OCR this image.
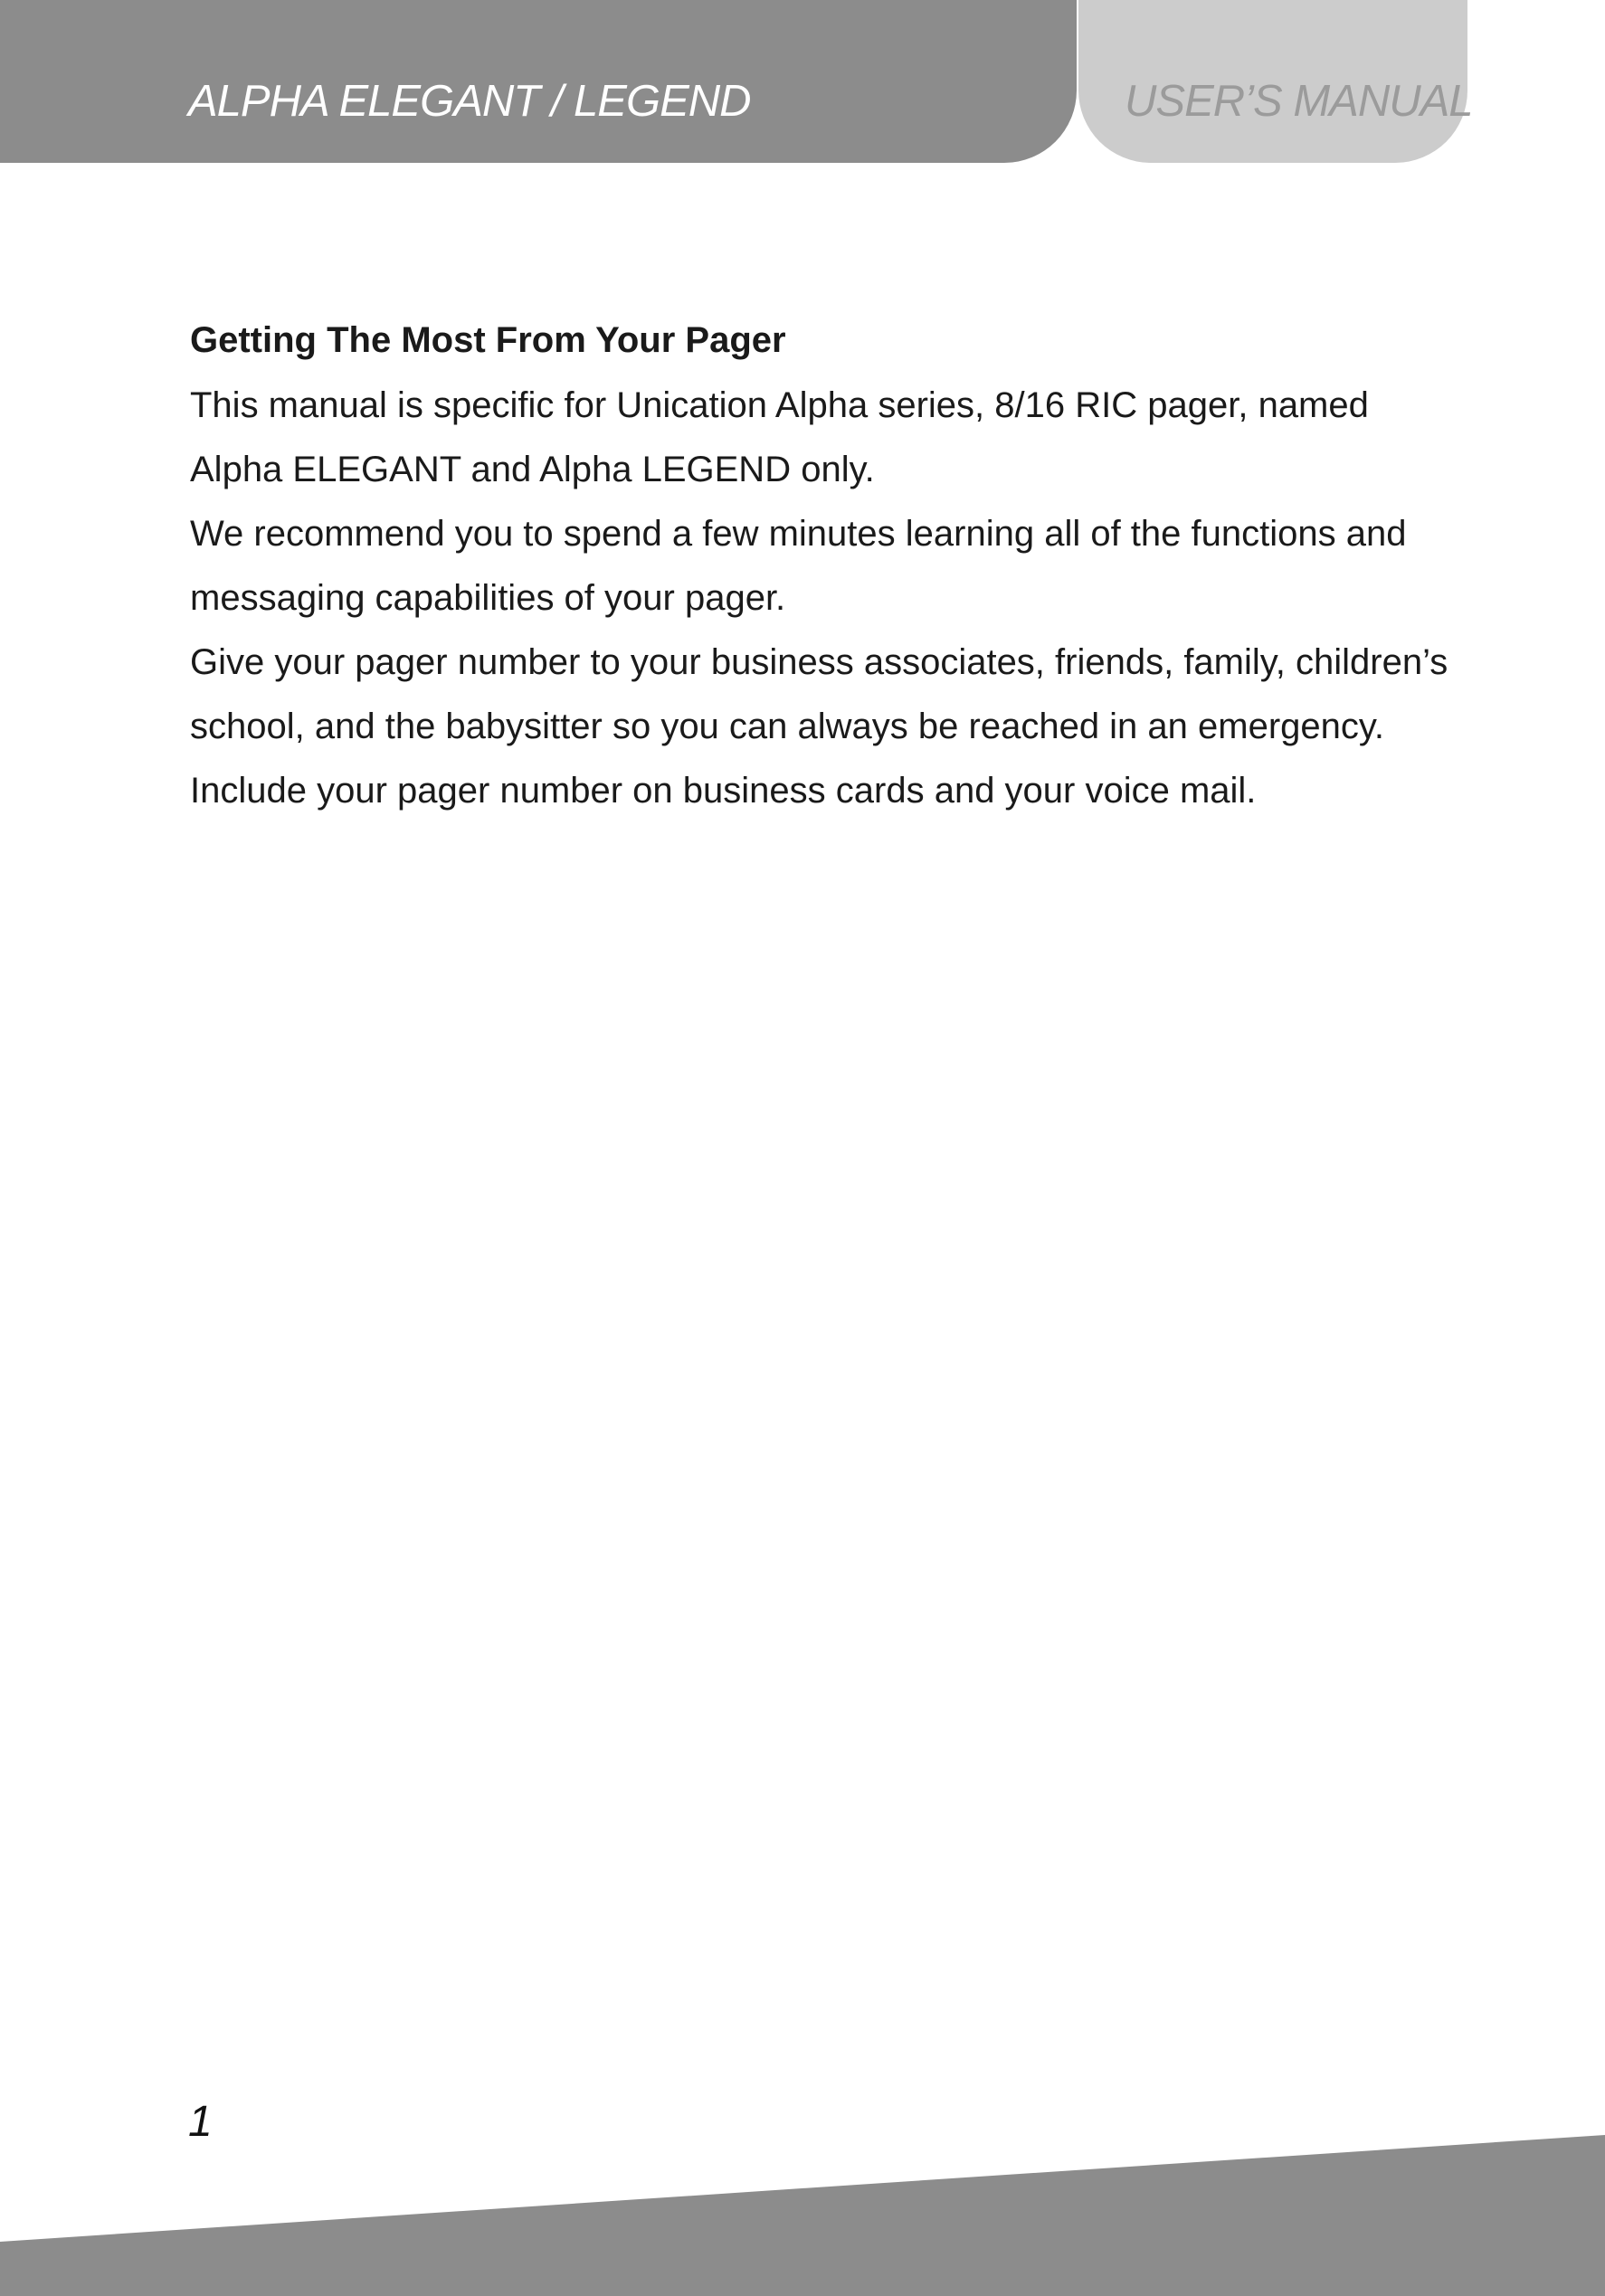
ALPHA ELEGANT / LEGEND	USER’S MANUAL

Getting The Most From Your Pager

This manual is specific for Unication Alpha series, 8/16 RIC pager, named

Alpha ELEGANT and Alpha LEGEND only.

We recommend you to spend a few minutes learning all of the functions and

messaging capabilities of your pager.

Give your pager number to your business associates, friends, family, children’s

school, and the babysitter so you can always be reached in an emergency.

Include your pager number on business cards and your voice mail.

1
